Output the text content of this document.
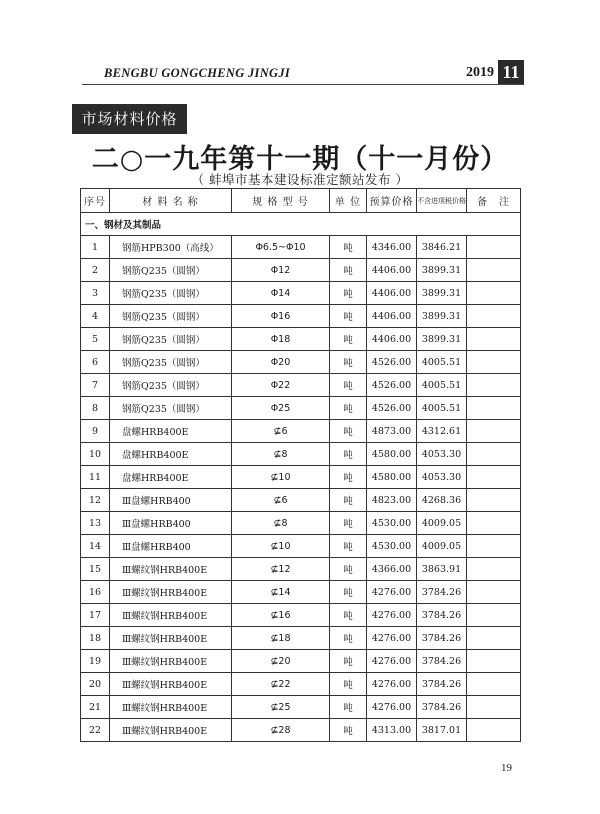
BENGBU GONGCHENG JINGJI	2019 11
市场材料价格
二○一九年第十一期（十一月份）
（ 蚌埠市基本建设标准定额站发布 ）
序号	材 料 名 称	规 格 型 号	单 位	预算价格	不含进项税价格	备　注
一、钢材及其制品						
1	钢筋HPB300（高线）	Φ6.5~Φ10	吨	4346.00	3846.21	
2	钢筋Q235（圆钢）	Φ12	吨	4406.00	3899.31	
3	钢筋Q235（圆钢）	Φ14	吨	4406.00	3899.31	
4	钢筋Q235（圆钢）	Φ16	吨	4406.00	3899.31	
5	钢筋Q235（圆钢）	Φ18	吨	4406.00	3899.31	
6	钢筋Q235（圆钢）	Φ20	吨	4526.00	4005.51	
7	钢筋Q235（圆钢）	Φ22	吨	4526.00	4005.51	
8	钢筋Q235（圆钢）	Φ25	吨	4526.00	4005.51	
9	盘螺HRB400E	⊈6	吨	4873.00	4312.61	
10	盘螺HRB400E	⊈8	吨	4580.00	4053.30	
11	盘螺HRB400E	⊈10	吨	4580.00	4053.30	
12	Ⅲ盘螺HRB400	⊈6	吨	4823.00	4268.36	
13	Ⅲ盘螺HRB400	⊈8	吨	4530.00	4009.05	
14	Ⅲ盘螺HRB400	⊈10	吨	4530.00	4009.05	
15	Ⅲ螺纹钢HRB400E	⊈12	吨	4366.00	3863.91	
16	Ⅲ螺纹钢HRB400E	⊈14	吨	4276.00	3784.26	
17	Ⅲ螺纹钢HRB400E	⊈16	吨	4276.00	3784.26	
18	Ⅲ螺纹钢HRB400E	⊈18	吨	4276.00	3784.26	
19	Ⅲ螺纹钢HRB400E	⊈20	吨	4276.00	3784.26	
20	Ⅲ螺纹钢HRB400E	⊈22	吨	4276.00	3784.26	
21	Ⅲ螺纹钢HRB400E	⊈25	吨	4276.00	3784.26	
22	Ⅲ螺纹钢HRB400E	⊈28	吨	4313.00	3817.01	
19
